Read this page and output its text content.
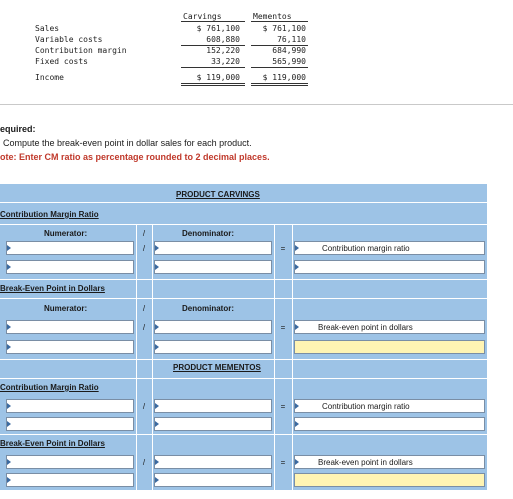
Carvings	Mementos
Sales	$ 761,100	$ 761,100
Variable costs	608,880	76,110
Contribution margin	152,220	684,990
Fixed costs	33,220	565,990
Income	$ 119,000	$ 119,000
equired:
Compute the break-even point in dollar sales for each product.
ote: Enter CM ratio as percentage rounded to 2 decimal places.
PRODUCT CARVINGS
Contribution Margin Ratio
Numerator:	/	Denominator:
/	=	Contribution margin ratio
Break-Even Point in Dollars
Numerator:	/	Denominator:
/	=	Break-even point in dollars
PRODUCT MEMENTOS
Contribution Margin Ratio
/	=	Contribution margin ratio
Break-Even Point in Dollars
/	=	Break-even point in dollars
